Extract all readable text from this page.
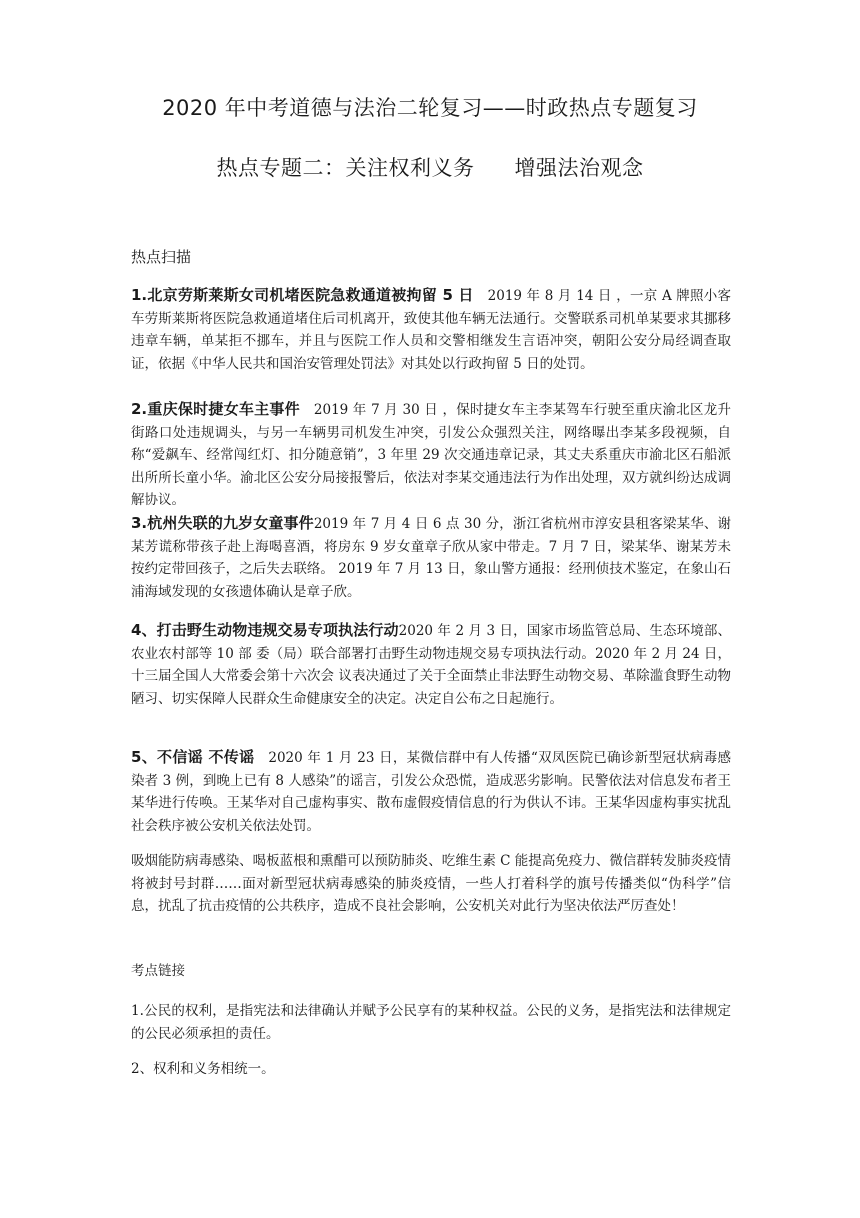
2020 年中考道德与法治二轮复习——时政热点专题复习
热点专题二：关注权利义务 增强法治观念
热点扫描
1.北京劳斯莱斯女司机堵医院急救通道被拘留 5 日 2019 年 8 月 14 日 ，一京 A 牌照小客车劳斯莱斯将医院急救通道堵住后司机离开，致使其他车辆无法通行。交警联系司机单某要求其挪移违章车辆，单某拒不挪车，并且与医院工作人员和交警相继发生言语冲突，朝阳公安分局经调查取证，依据《中华人民共和国治安管理处罚法》对其处以行政拘留 5 日的处罚。
2.重庆保时捷女车主事件 2019 年 7 月 30 日 ，保时捷女车主李某驾车行驶至重庆渝北区龙升街路口处违规调头，与另一车辆男司机发生冲突，引发公众强烈关注，网络曝出李某多段视频，自称“爱飙车、经常闯红灯、扣分随意销”，3 年里 29 次交通违章记录，其丈夫系重庆市渝北区石船派出所所长童小华。渝北区公安分局接报警后，依法对李某交通违法行为作出处理，双方就纠纷达成调解协议。
3.杭州失联的九岁女童事件2019 年 7 月 4 日 6 点 30 分，浙江省杭州市淳安县租客梁某华、谢某芳谎称带孩子赴上海喝喜酒，将房东 9 岁女童章子欣从家中带走。7 月 7 日，梁某华、谢某芳未按约定带回孩子，之后失去联络。 2019 年 7 月 13 日，象山警方通报：经刑侦技术鉴定，在象山石浦海域发现的女孩遗体确认是章子欣。
4、打击野生动物违规交易专项执法行动2020 年 2 月 3 日，国家市场监管总局、生态环境部、农业农村部等 10 部 委（局）联合部署打击野生动物违规交易专项执法行动。2020 年 2 月 24 日，十三届全国人大常委会第十六次会 议表决通过了关于全面禁止非法野生动物交易、革除滥食野生动物陋习、切实保障人民群众生命健康安全的决定。决定自公布之日起施行。
5、不信谣 不传谣 2020 年 1 月 23 日，某微信群中有人传播“双凤医院已确诊新型冠状病毒感染者 3 例，到晚上已有 8 人感染”的谣言，引发公众恐慌，造成恶劣影响。民警依法对信息发布者王某华进行传唤。王某华对自己虚构事实、散布虚假疫情信息的行为供认不讳。王某华因虚构事实扰乱社会秩序被公安机关依法处罚。
吸烟能防病毒感染、喝板蓝根和熏醋可以预防肺炎、吃维生素 C 能提高免疫力、微信群转发肺炎疫情将被封号封群……面对新型冠状病毒感染的肺炎疫情，一些人打着科学的旗号传播类似“伪科学”信息，扰乱了抗击疫情的公共秩序，造成不良社会影响，公安机关对此行为坚决依法严厉查处！
考点链接
1.公民的权利，是指宪法和法律确认并赋予公民享有的某种权益。公民的义务，是指宪法和法律规定的公民必须承担的责任。
2、权利和义务相统一。
